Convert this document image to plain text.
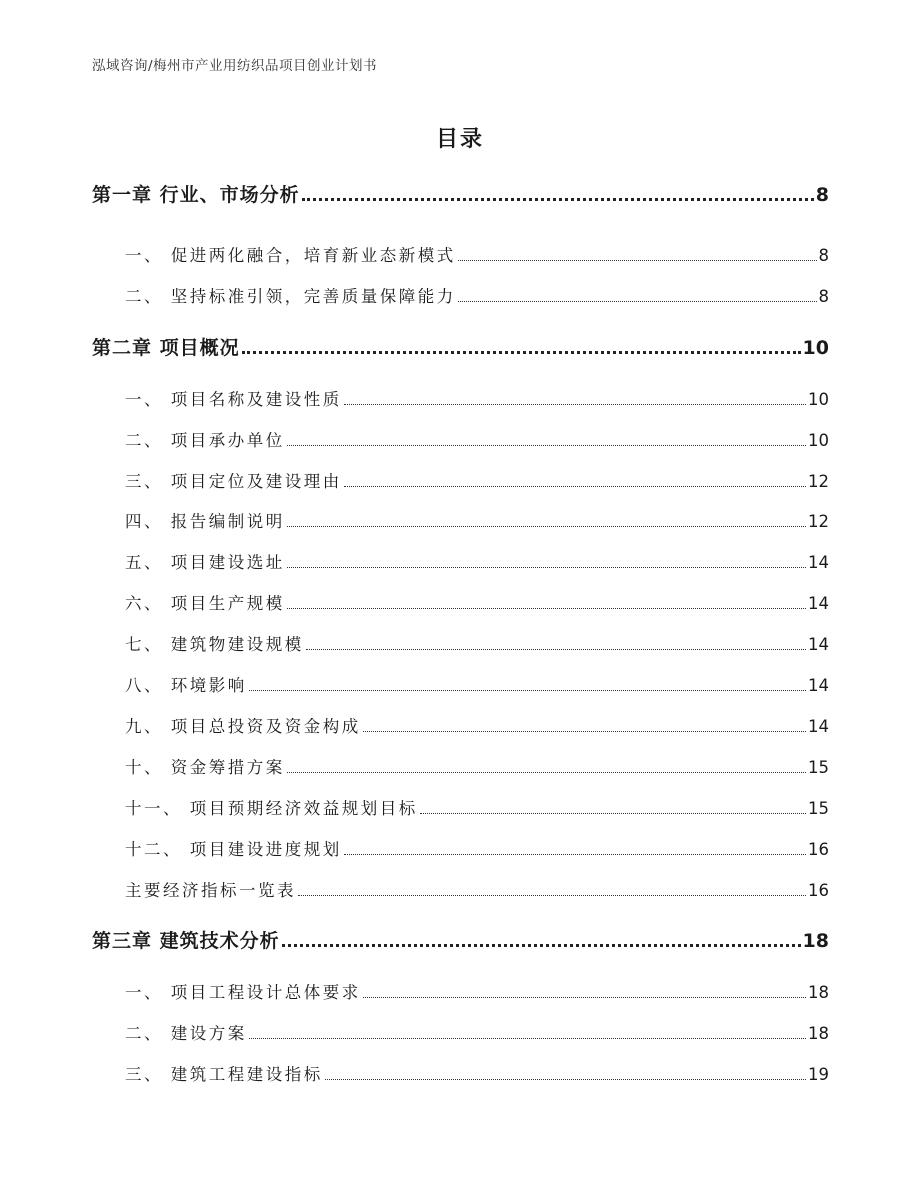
泓域咨询/梅州市产业用纺织品项目创业计划书
目录
第一章 行业、市场分析	8
一、 促进两化融合，培育新业态新模式	8
二、 坚持标准引领，完善质量保障能力	8
第二章 项目概况	10
一、 项目名称及建设性质	10
二、 项目承办单位	10
三、 项目定位及建设理由	12
四、 报告编制说明	12
五、 项目建设选址	14
六、 项目生产规模	14
七、 建筑物建设规模	14
八、 环境影响	14
九、 项目总投资及资金构成	14
十、 资金筹措方案	15
十一、 项目预期经济效益规划目标	15
十二、 项目建设进度规划	16
主要经济指标一览表	16
第三章 建筑技术分析	18
一、 项目工程设计总体要求	18
二、 建设方案	18
三、 建筑工程建设指标	19
